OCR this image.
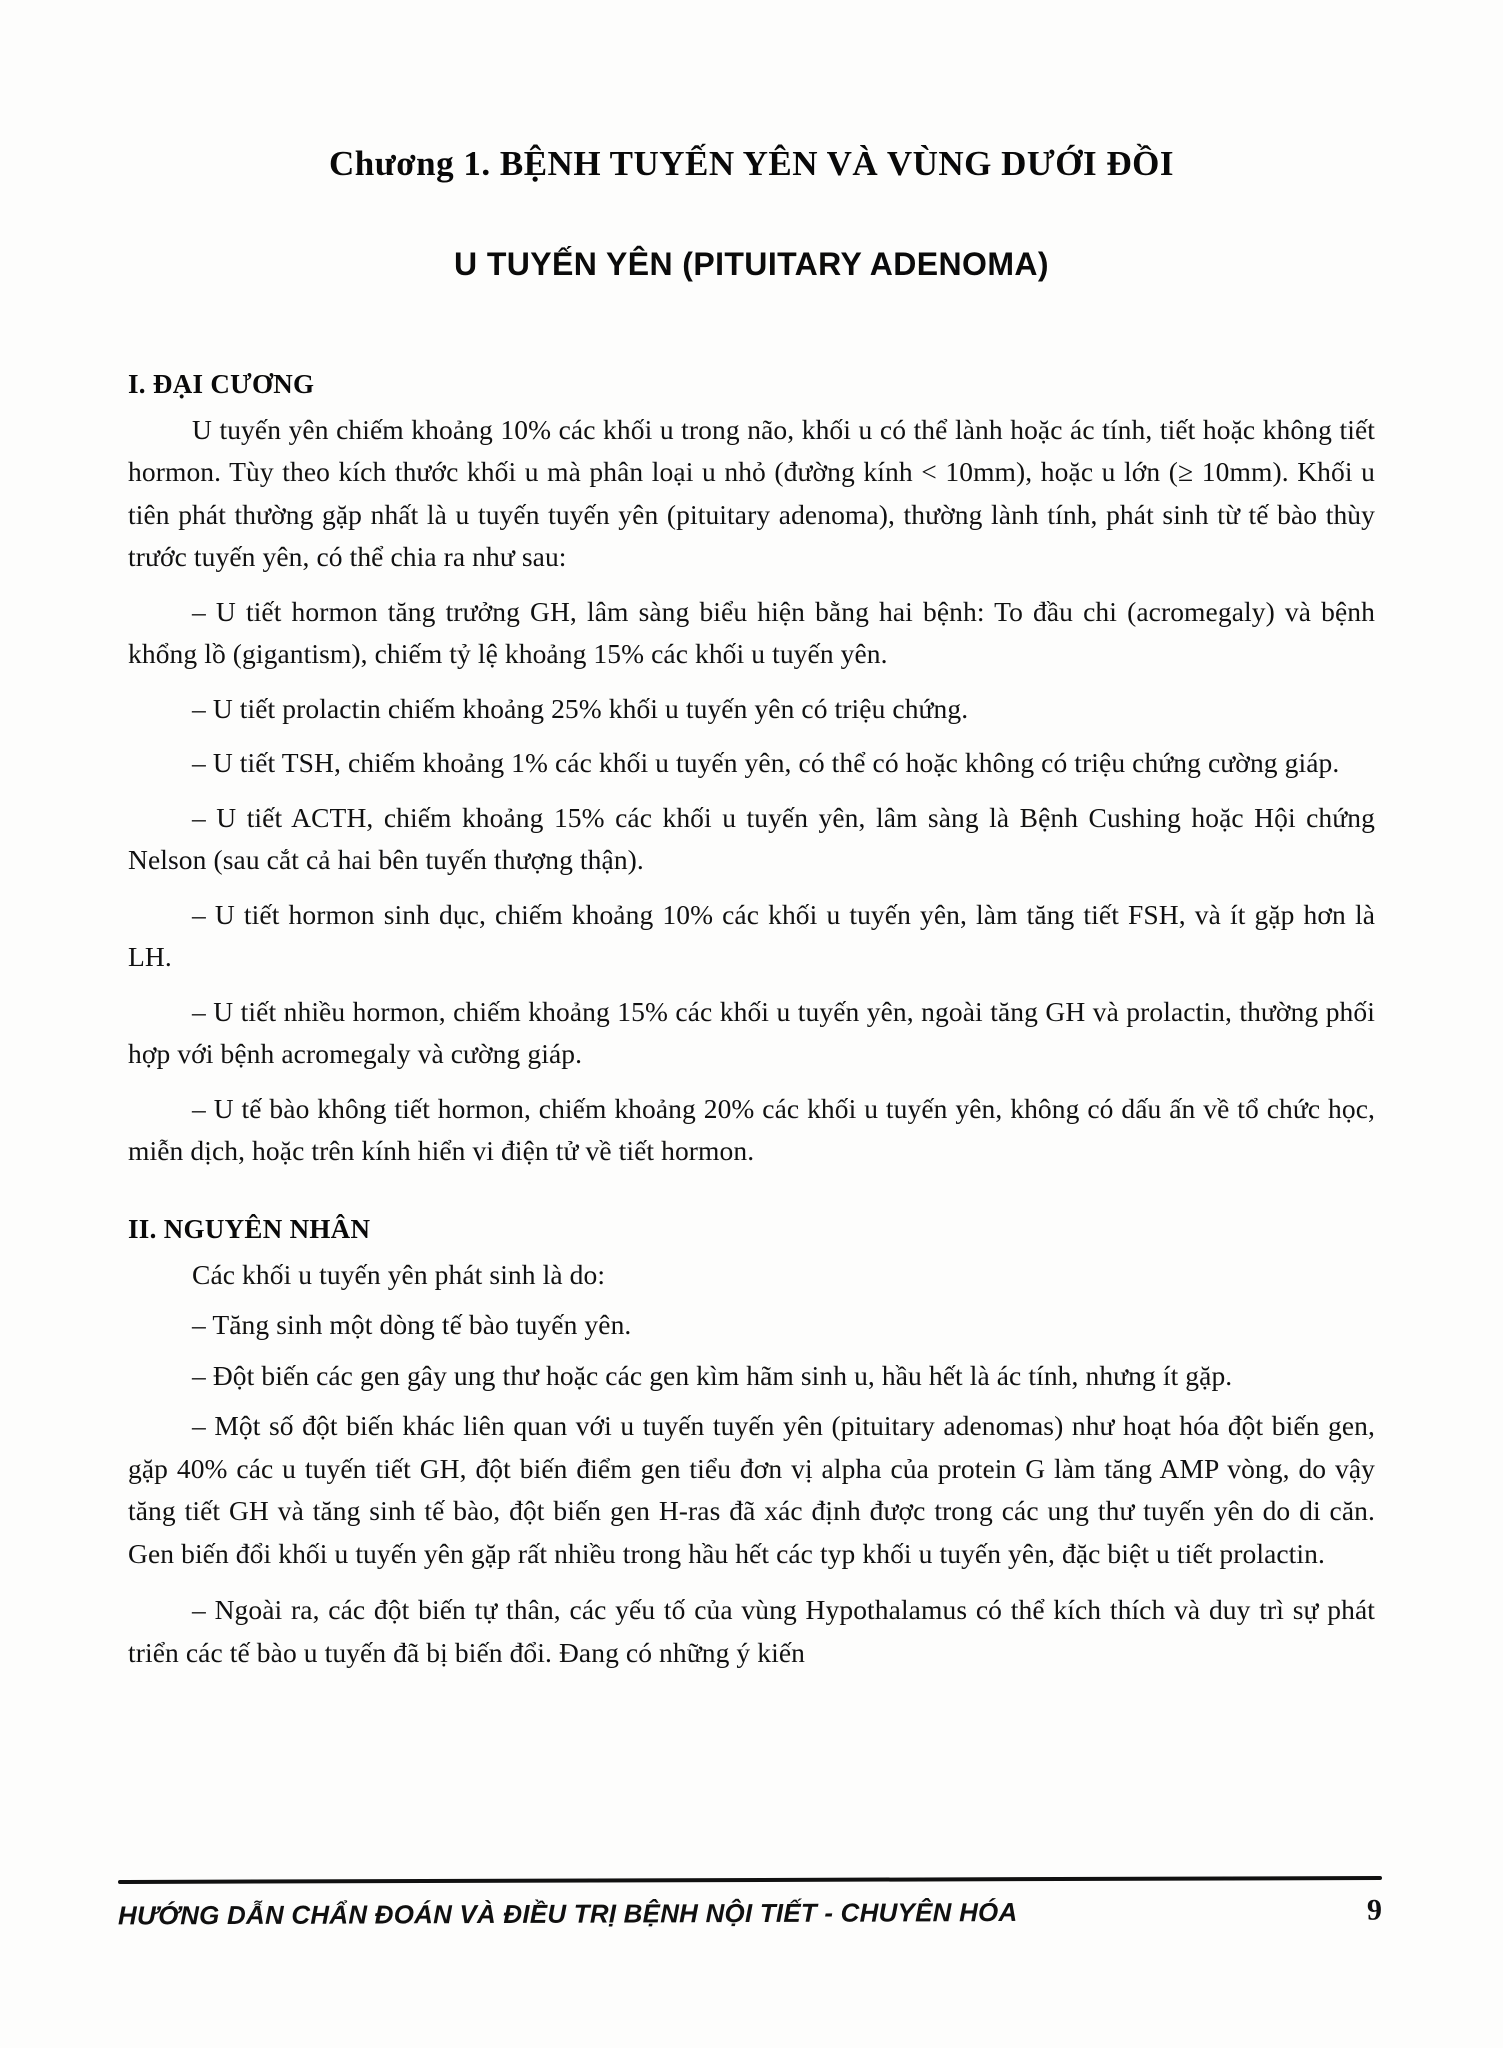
Chương 1. BỆNH TUYẾN YÊN VÀ VÙNG DƯỚI ĐỒI
U TUYẾN YÊN (PITUITARY ADENOMA)
I. ĐẠI CƯƠNG

U tuyến yên chiếm khoảng 10% các khối u trong não, khối u có thể lành hoặc ác tính, tiết hoặc không tiết hormon. Tùy theo kích thước khối u mà phân loại u nhỏ (đường kính < 10mm), hoặc u lớn (≥ 10mm). Khối u tiên phát thường gặp nhất là u tuyến tuyến yên (pituitary adenoma), thường lành tính, phát sinh từ tế bào thùy trước tuyến yên, có thể chia ra như sau:

– U tiết hormon tăng trưởng GH, lâm sàng biểu hiện bằng hai bệnh: To đầu chi (acromegaly) và bệnh khổng lồ (gigantism), chiếm tỷ lệ khoảng 15% các khối u tuyến yên.

– U tiết prolactin chiếm khoảng 25% khối u tuyến yên có triệu chứng.

– U tiết TSH, chiếm khoảng 1% các khối u tuyến yên, có thể có hoặc không có triệu chứng cường giáp.

– U tiết ACTH, chiếm khoảng 15% các khối u tuyến yên, lâm sàng là Bệnh Cushing hoặc Hội chứng Nelson (sau cắt cả hai bên tuyến thượng thận).

– U tiết hormon sinh dục, chiếm khoảng 10% các khối u tuyến yên, làm tăng tiết FSH, và ít gặp hơn là LH.

– U tiết nhiều hormon, chiếm khoảng 15% các khối u tuyến yên, ngoài tăng GH và prolactin, thường phối hợp với bệnh acromegaly và cường giáp.

– U tế bào không tiết hormon, chiếm khoảng 20% các khối u tuyến yên, không có dấu ấn về tổ chức học, miễn dịch, hoặc trên kính hiển vi điện tử về tiết hormon.

II. NGUYÊN NHÂN

Các khối u tuyến yên phát sinh là do:

– Tăng sinh một dòng tế bào tuyến yên.

– Đột biến các gen gây ung thư hoặc các gen kìm hãm sinh u, hầu hết là ác tính, nhưng ít gặp.

– Một số đột biến khác liên quan với u tuyến tuyến yên (pituitary adenomas) như hoạt hóa đột biến gen, gặp 40% các u tuyến tiết GH, đột biến điểm gen tiểu đơn vị alpha của protein G làm tăng AMP vòng, do vậy tăng tiết GH và tăng sinh tế bào, đột biến gen H-ras đã xác định được trong các ung thư tuyến yên do di căn. Gen biến đổi khối u tuyến yên gặp rất nhiều trong hầu hết các typ khối u tuyến yên, đặc biệt u tiết prolactin.

– Ngoài ra, các đột biến tự thân, các yếu tố của vùng Hypothalamus có thể kích thích và duy trì sự phát triển các tế bào u tuyến đã bị biến đổi. Đang có những ý kiến

HƯỚNG DẪN CHẨN ĐOÁN VÀ ĐIỀU TRỊ BỆNH NỘI TIẾT - CHUYÊN HÓA	9
